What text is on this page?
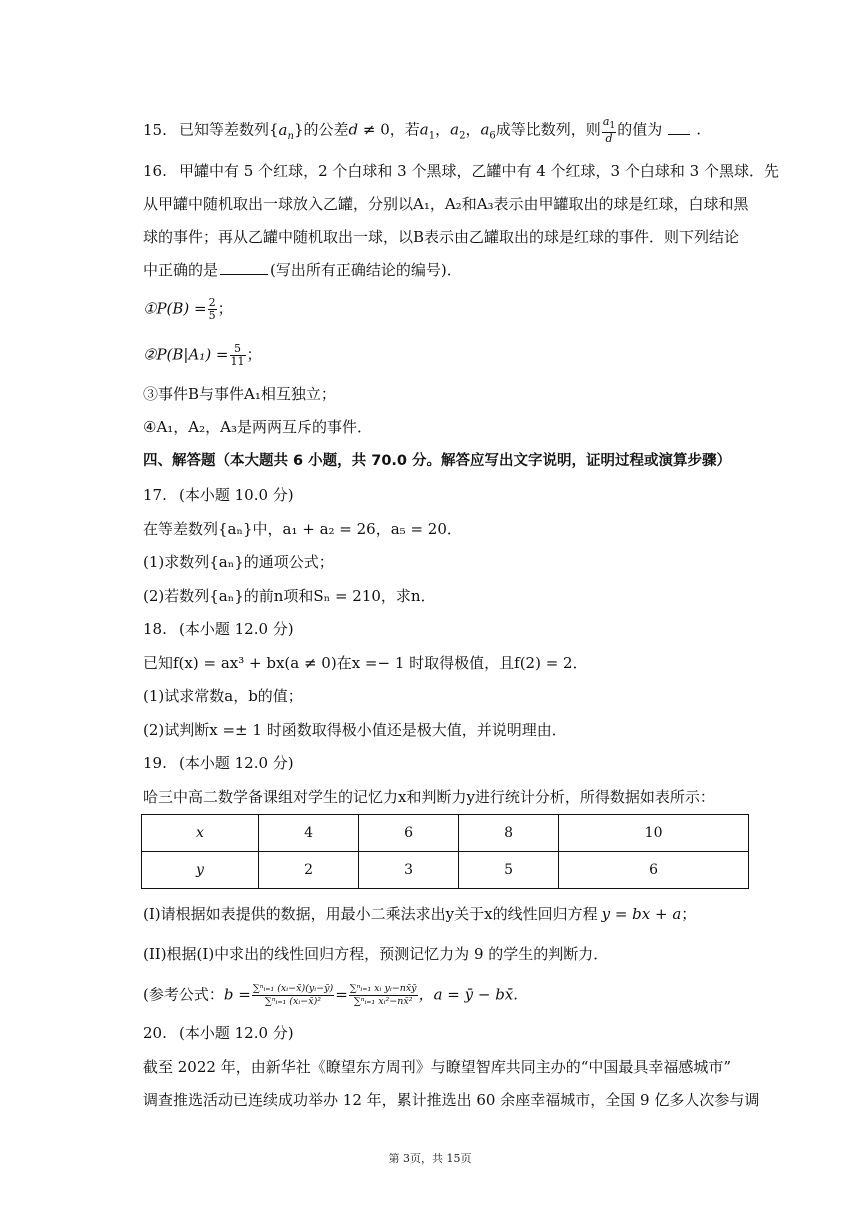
15. 已知等差数列$\{a_n\}$的公差d ≠ 0，若$a_1$，$a_2$，$a_6$成等比数列，则 $\frac{a_1}{d}$ 的值为 .
16. 甲罐中有 5 个红球，2 个白球和 3 个黑球，乙罐中有 4 个红球，3 个白球和 3 个黑球．先
从甲罐中随机取出一球放入乙罐，分别以A₁，A₂和A₃表示由甲罐取出的球是红球，白球和黑
球的事件；再从乙罐中随机取出一球，以B表示由乙罐取出的球是红球的事件．则下列结论
中正确的是	(写出所有正确结论的编号)．
①P(B) = $\frac{2}{5}$ ；
②P(B|A₁) = $\frac{5}{11}$ ；
③事件B与事件A₁相互独立；
④A₁，A₂，A₃是两两互斥的事件．
四、解答题（本大题共 6 小题，共 70.0 分。解答应写出文字说明，证明过程或演算步骤）
17. (本小题 10.0 分)
在等差数列{aₙ}中，a₁ + a₂ = 26，a₅ = 20．
(1)求数列{aₙ}的通项公式；
(2)若数列{aₙ}的前n项和Sₙ = 210，求n．
18. (本小题 12.0 分)
已知f(x) = ax³ + bx(a ≠ 0)在x =− 1 时取得极值，且f(2) = 2．
(1)试求常数a，b的值；
(2)试判断x =± 1 时函数取得极小值还是极大值，并说明理由．
19. (本小题 12.0 分)
哈三中高二数学备课组对学生的记忆力x和判断力y进行统计分析，所得数据如表所示：
x	4	6	8	10
y	2	3	5	6
(I)请根据如表提供的数据，用最小二乘法求出y关于x的线性回归方程 y = bx + a；
(II)根据(I)中求出的线性回归方程，预测记忆力为 9 的学生的判断力．
(参考公式：$b = \frac{\text{∑ⁿᵢ₌₁ (xᵢ−x̄)(yᵢ−ȳ)}}{\text{∑ⁿᵢ₌₁ (xᵢ−x̄)²}} = \frac{\text{∑ⁿᵢ₌₁ xᵢ yᵢ−nx̄ȳ}}{\text{∑ⁿᵢ₌₁ xᵢ²−nx̄²}}$ ，a = ȳ − bx̄.
20. (本小题 12.0 分)
截至 2022 年，由新华社《瞭望东方周刊》与瞭望智库共同主办的“中国最具幸福感城市”
调查推选活动已连续成功举办 12 年，累计推选出 60 余座幸福城市，全国 9 亿多人次参与调
第 3页，共 15页
